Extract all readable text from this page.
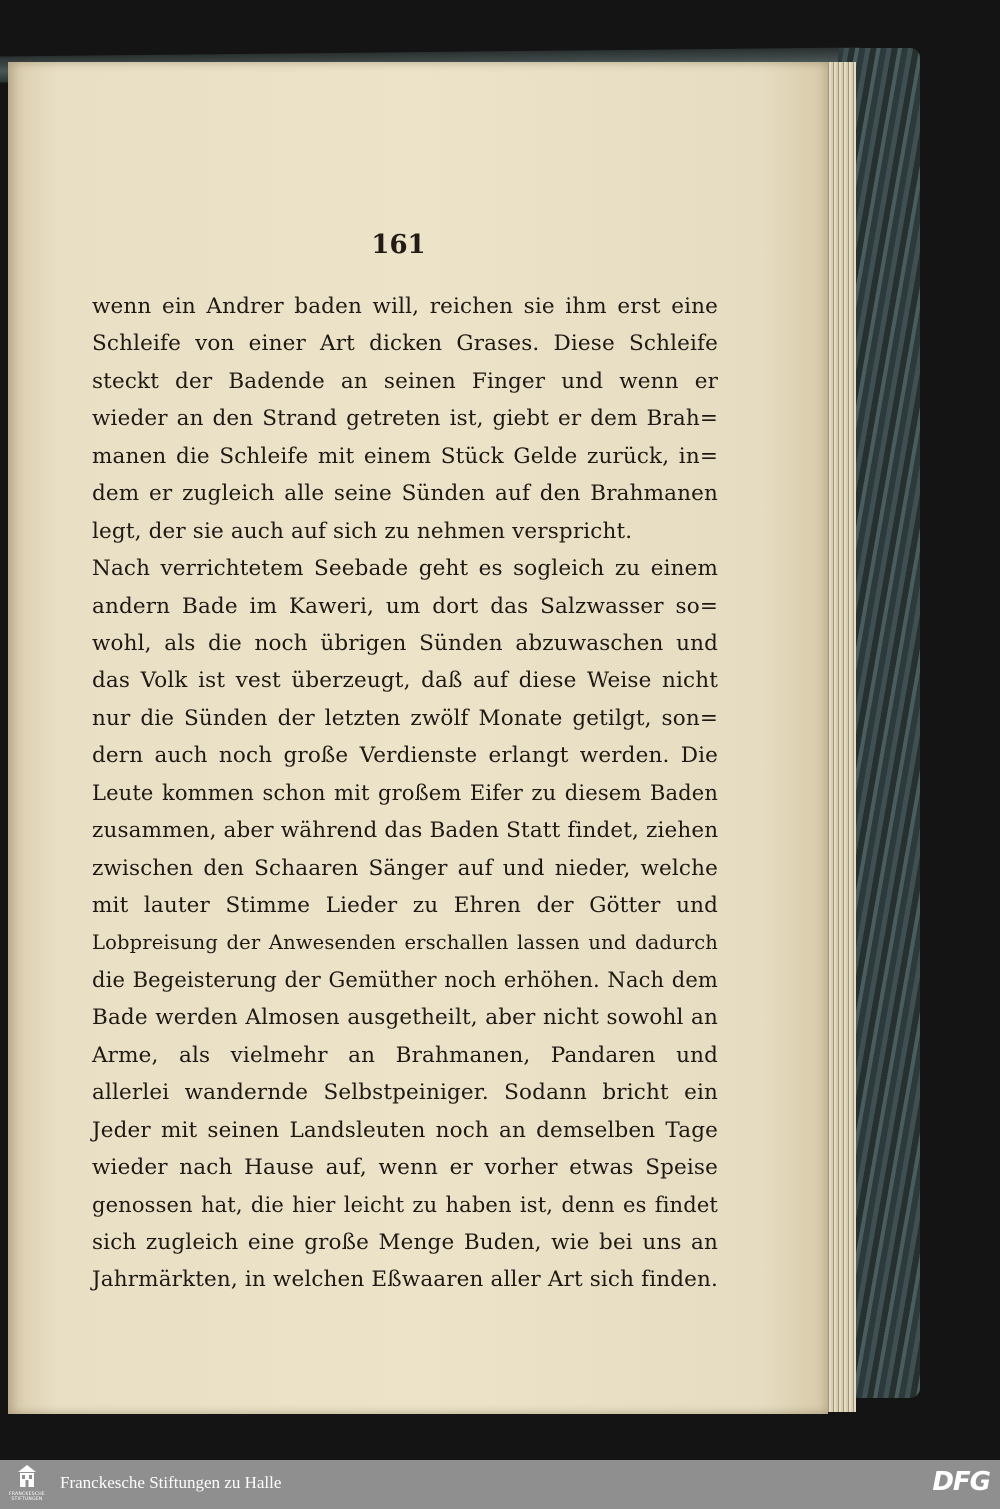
161
wenn ein Andrer baden will, reichen sie ihm erst eine
Schleife von einer Art dicken Grases. Diese Schleife
steckt der Badende an seinen Finger und wenn er
wieder an den Strand getreten ist, giebt er dem Brah=
manen die Schleife mit einem Stück Gelde zurück, in=
dem er zugleich alle seine Sünden auf den Brahmanen
legt, der sie auch auf sich zu nehmen verspricht.
Nach verrichtetem Seebade geht es sogleich zu einem
andern Bade im Kaweri, um dort das Salzwasser so=
wohl, als die noch übrigen Sünden abzuwaschen und
das Volk ist vest überzeugt, daß auf diese Weise nicht
nur die Sünden der letzten zwölf Monate getilgt, son=
dern auch noch große Verdienste erlangt werden. Die
Leute kommen schon mit großem Eifer zu diesem Baden
zusammen, aber während das Baden Statt findet, ziehen
zwischen den Schaaren Sänger auf und nieder, welche
mit lauter Stimme Lieder zu Ehren der Götter und
Lobpreisung der Anwesenden erschallen lassen und dadurch
die Begeisterung der Gemüther noch erhöhen. Nach dem
Bade werden Almosen ausgetheilt, aber nicht sowohl an
Arme, als vielmehr an Brahmanen, Pandaren und
allerlei wandernde Selbstpeiniger. Sodann bricht ein
Jeder mit seinen Landsleuten noch an demselben Tage
wieder nach Hause auf, wenn er vorher etwas Speise
genossen hat, die hier leicht zu haben ist, denn es findet
sich zugleich eine große Menge Buden, wie bei uns an
Jahrmärkten, in welchen Eßwaaren aller Art sich finden.
FRANCKESCHE STIFTUNGEN
Franckesche Stiftungen zu Halle	DFG
